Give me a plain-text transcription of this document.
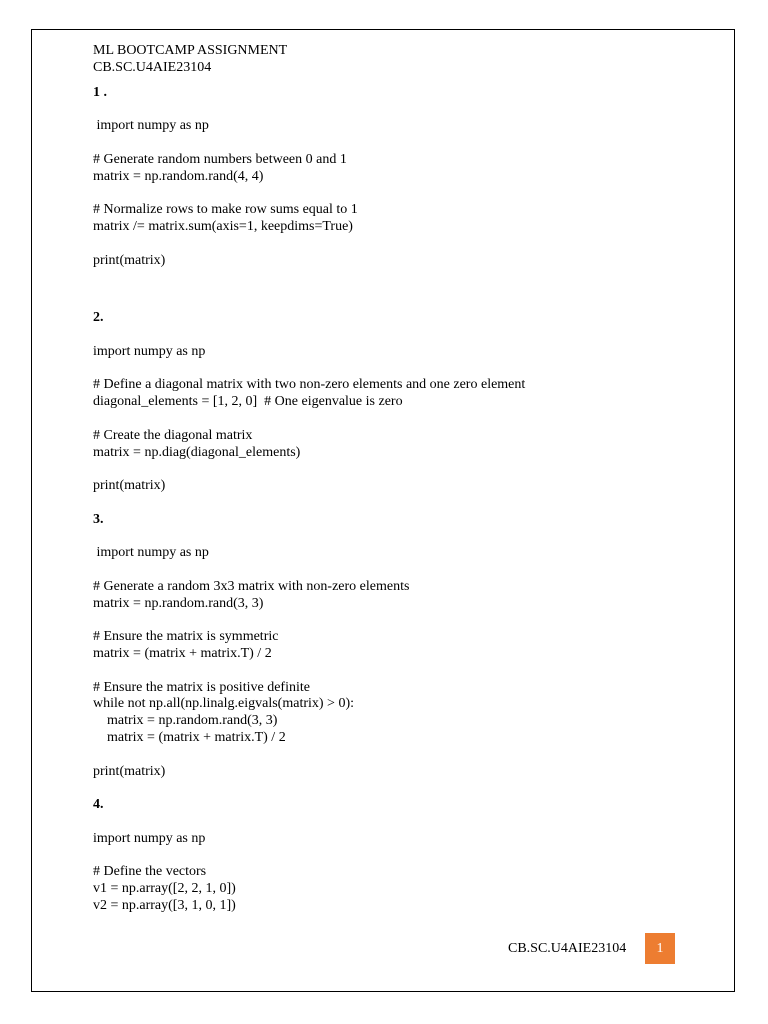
ML BOOTCAMP ASSIGNMENT
CB.SC.U4AIE23104
1 .
import numpy as np
# Generate random numbers between 0 and 1
matrix = np.random.rand(4, 4)
# Normalize rows to make row sums equal to 1
matrix /= matrix.sum(axis=1, keepdims=True)
print(matrix)
2.
import numpy as np
# Define a diagonal matrix with two non-zero elements and one zero element
diagonal_elements = [1, 2, 0]  # One eigenvalue is zero
# Create the diagonal matrix
matrix = np.diag(diagonal_elements)
print(matrix)
3.
import numpy as np
# Generate a random 3x3 matrix with non-zero elements
matrix = np.random.rand(3, 3)
# Ensure the matrix is symmetric
matrix = (matrix + matrix.T) / 2
# Ensure the matrix is positive definite
while not np.all(np.linalg.eigvals(matrix) > 0):
matrix = np.random.rand(3, 3)
matrix = (matrix + matrix.T) / 2
print(matrix)
4.
import numpy as np
# Define the vectors
v1 = np.array([2, 2, 1, 0])
v2 = np.array([3, 1, 0, 1])
CB.SC.U4AIE23104 1
